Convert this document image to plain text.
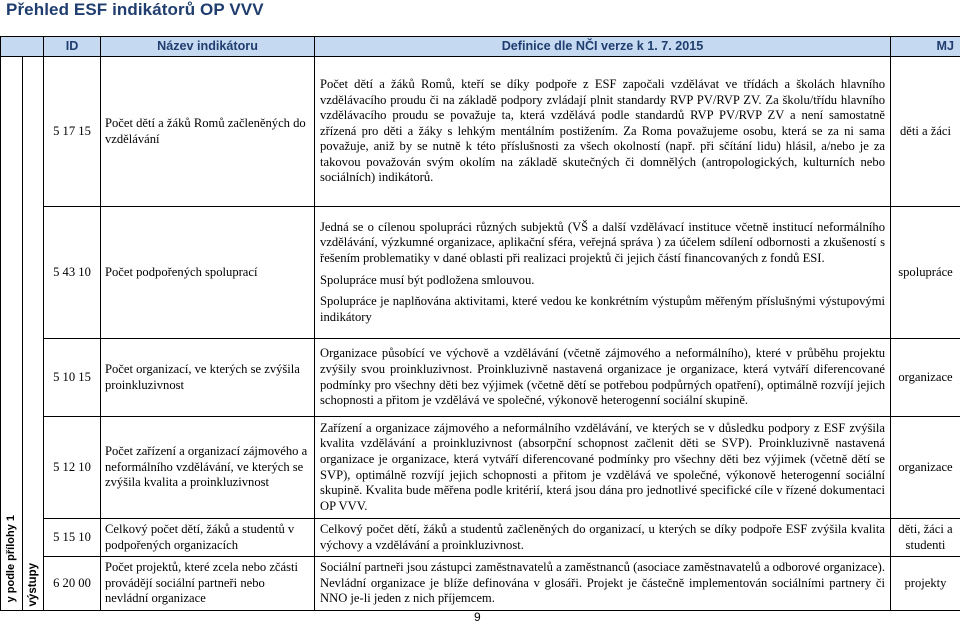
Přehled ESF indikátorů OP VVV
		ID	Název indikátoru	Definice dle NČI verze k 1. 7. 2015	MJ

y podle přílohy 1	výstupy	5 17 15	Počet dětí a žáků Romů začleněných do vzdělávání	Počet dětí a žáků Romů, kteří se díky podpoře z ESF započali vzdělávat ve třídách a školách hlavního vzdělávacího proudu či na základě podpory zvládají plnit standardy RVP PV/RVP ZV. Za školu/třídu hlavního vzdělávacího proudu se považuje ta, která vzdělává podle standardů RVP PV/RVP ZV a není samostatně zřízená pro děti a žáky s lehkým mentálním postižením. Za Roma považujeme osobu, která se za ni sama považuje, aniž by se nutně k této příslušnosti za všech okolností (např. při sčítání lidu) hlásil, a/nebo je za takovou považován svým okolím na základě skutečných či domnělých (antropologických, kulturních nebo sociálních) indikátorů.	děti a žáci
		5 43 10	Počet podpořených spoluprací	Jedná se o cílenou spolupráci různých subjektů (VŠ a další vzdělávací instituce včetně institucí neformálního vzdělávání, výzkumné organizace, aplikační sféra, veřejná správa ) za účelem sdílení odbornosti a zkušeností s řešením problematiky v dané oblasti při realizaci projektů či jejich částí financovaných z fondů ESI.

Spolupráce musí být podložena smlouvou.

Spolupráce je naplňována aktivitami, které vedou ke konkrétním výstupům měřeným příslušnými výstupovými indikátory	spolupráce
		5 10 15	Počet organizací, ve kterých se zvýšila proinkluzivnost	Organizace působící ve výchově a vzdělávání (včetně zájmového a neformálního), které v průběhu projektu zvýšily svou proinkluzivnost. Proinkluzivně nastavená organizace je organizace, která vytváří diferencované podmínky pro všechny děti bez výjimek (včetně dětí se potřebou podpůrných opatření), optimálně rozvíjí jejich schopnosti a přitom je vzdělává ve společné, výkonově heterogenní sociální skupině.	organizace
		5 12 10	Počet zařízení a organizací zájmového a neformálního vzdělávání, ve kterých se zvýšila kvalita a proinkluzivnost	Zařízení a organizace zájmového a neformálního vzdělávání, ve kterých se v důsledku podpory z ESF zvýšila kvalita vzdělávání a proinkluzivnost (absorpční schopnost začlenit děti se SVP). Proinkluzivně nastavená organizace je organizace, která vytváří diferencované podmínky pro všechny děti bez výjimek (včetně dětí se SVP), optimálně rozvíjí jejich schopnosti a přitom je vzdělává ve společné, výkonově heterogenní sociální skupině. Kvalita bude měřena podle kritérií, která jsou dána pro jednotlivé specifické cíle v řízené dokumentaci OP VVV.	organizace
		5 15 10	Celkový počet dětí, žáků a studentů v podpořených organizacích	Celkový počet dětí, žáků a studentů začleněných do organizací, u kterých se díky podpoře ESF zvýšila kvalita výchovy a vzdělávání a proinkluzivnost.	děti, žáci a studenti
		6 20 00	Počet projektů, které zcela nebo zčásti provádějí sociální partneři nebo nevládní organizace	Sociální partneři jsou zástupci zaměstnavatelů a zaměstnanců (asociace zaměstnavatelů a odborové organizace). Nevládní organizace je blíže definována v glosáři. Projekt je částečně implementován sociálními partnery či NNO je-li jeden z nich příjemcem.	projekty
9
